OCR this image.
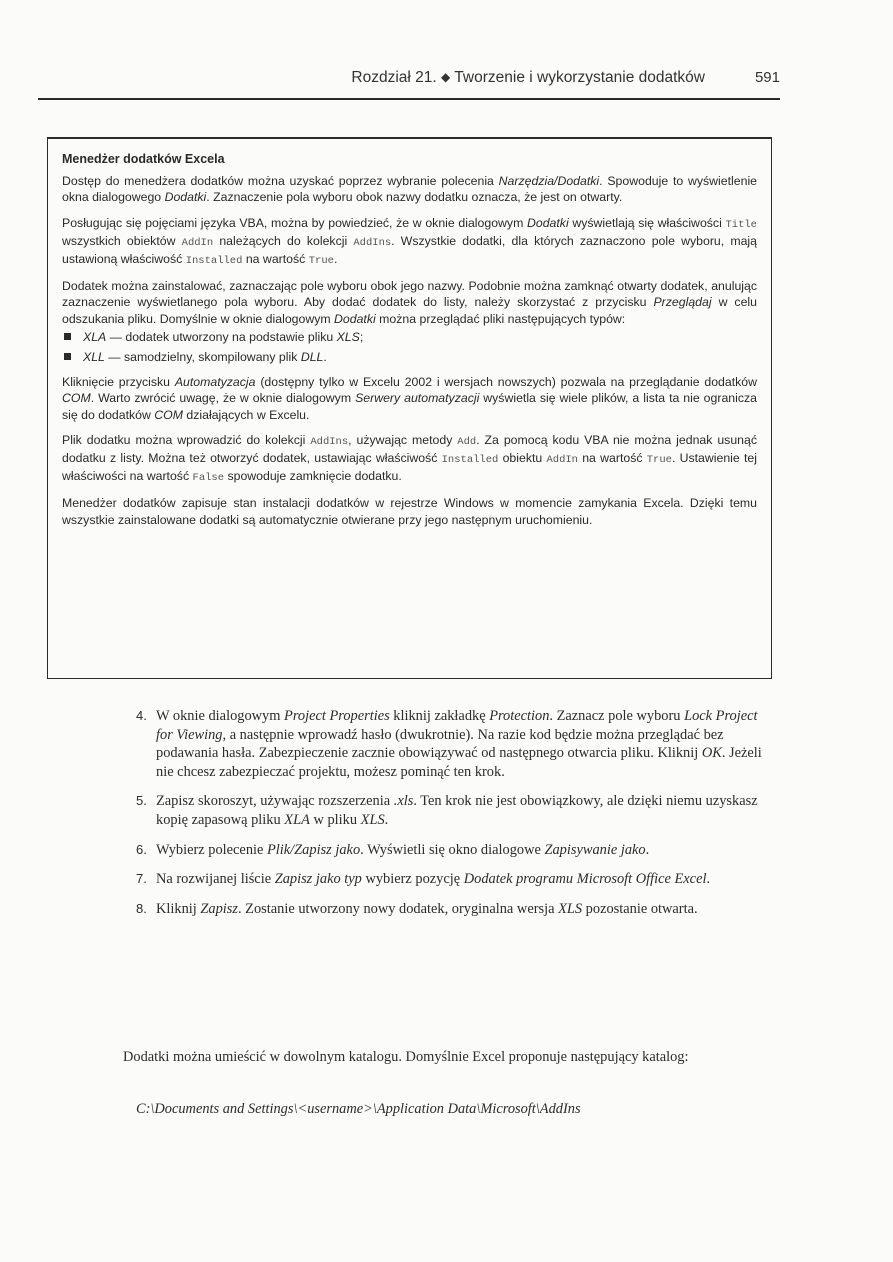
Rozdział 21. ◆ Tworzenie i wykorzystanie dodatków	591
Menedżer dodatków Excela

Dostęp do menedżera dodatków można uzyskać poprzez wybranie polecenia Narzędzia/Dodatki. Spowoduje to wyświetlenie okna dialogowego Dodatki. Zaznaczenie pola wyboru obok nazwy dodatku oznacza, że jest on otwarty.

Posługując się pojęciami języka VBA, można by powiedzieć, że w oknie dialogowym Dodatki wyświetlają się właściwości Title wszystkich obiektów AddIn należących do kolekcji AddIns. Wszystkie dodatki, dla których zaznaczono pole wyboru, mają ustawioną właściwość Installed na wartość True.

Dodatek można zainstalować, zaznaczając pole wyboru obok jego nazwy. Podobnie można zamknąć otwarty dodatek, anulując zaznaczenie wyświetlanego pola wyboru. Aby dodać dodatek do listy, należy skorzystać z przycisku Przeglądaj w celu odszukania pliku. Domyślnie w oknie dialogowym Dodatki można przeglądać pliki następujących typów:

XLA — dodatek utworzony na podstawie pliku XLS;
XLL — samodzielny, skompilowany plik DLL.

Kliknięcie przycisku Automatyzacja (dostępny tylko w Excelu 2002 i wersjach nowszych) pozwala na przeglądanie dodatków COM. Warto zwrócić uwagę, że w oknie dialogowym Serwery automatyzacji wyświetla się wiele plików, a lista ta nie ogranicza się do dodatków COM działających w Excelu.

Plik dodatku można wprowadzić do kolekcji AddIns, używając metody Add. Za pomocą kodu VBA nie można jednak usunąć dodatku z listy. Można też otworzyć dodatek, ustawiając właściwość Installed obiektu AddIn na wartość True. Ustawienie tej właściwości na wartość False spowoduje zamknięcie dodatku.

Menedżer dodatków zapisuje stan instalacji dodatków w rejestrze Windows w momencie zamykania Excela. Dzięki temu wszystkie zainstalowane dodatki są automatycznie otwierane przy jego następnym uruchomieniu.

4. W oknie dialogowym Project Properties kliknij zakładkę Protection. Zaznacz pole wyboru Lock Project for Viewing, a następnie wprowadź hasło (dwukrotnie). Na razie kod będzie można przeglądać bez podawania hasła. Zabezpieczenie zacznie obowiązywać od następnego otwarcia pliku. Kliknij OK. Jeżeli nie chcesz zabezpieczać projektu, możesz pominąć ten krok.
5. Zapisz skoroszyt, używając rozszerzenia .xls. Ten krok nie jest obowiązkowy, ale dzięki niemu uzyskasz kopię zapasową pliku XLA w pliku XLS.
6. Wybierz polecenie Plik/Zapisz jako. Wyświetli się okno dialogowe Zapisywanie jako.
7. Na rozwijanej liście Zapisz jako typ wybierz pozycję Dodatek programu Microsoft Office Excel.
8. Kliknij Zapisz. Zostanie utworzony nowy dodatek, oryginalna wersja XLS pozostanie otwarta.
Dodatki można umieścić w dowolnym katalogu. Domyślnie Excel proponuje następujący katalog:
C:\Documents and Settings\<username>\Application Data\Microsoft\AddIns
